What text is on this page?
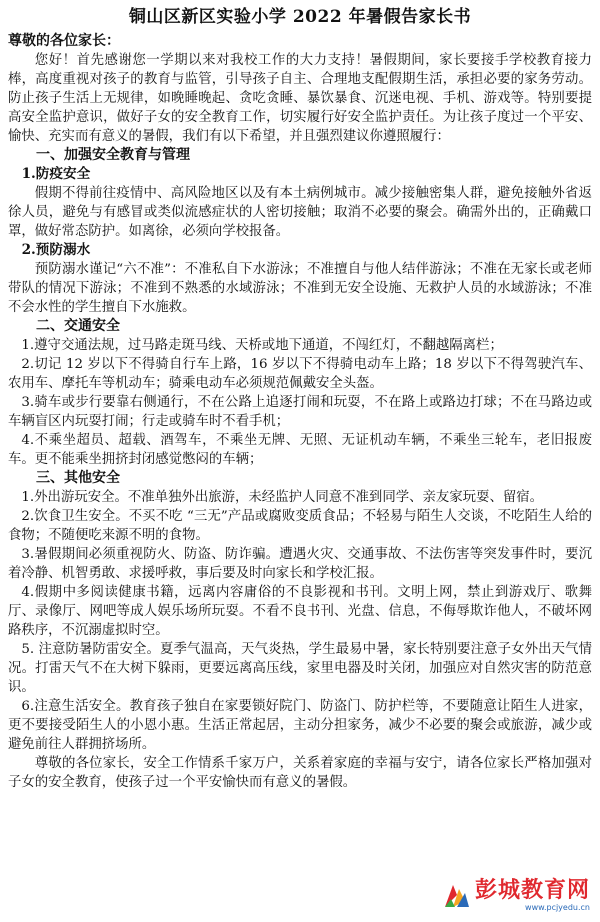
铜山区新区实验小学 2022 年暑假告家长书
尊敬的各位家长：

您好！首先感谢您一学期以来对我校工作的大力支持！暑假期间，家长要接手学校教育接力棒，高度重视对孩子的教育与监管，引导孩子自主、合理地支配假期生活，承担必要的家务劳动。防止孩子生活上无规律，如晚睡晚起、贪吃贪睡、暴饮暴食、沉迷电视、手机、游戏等。特别要提高安全监护意识，做好子女的安全教育工作，切实履行好安全监护责任。为让孩子度过一个平安、愉快、充实而有意义的暑假，我们有以下希望，并且强烈建议你遵照履行：

一、加强安全教育与管理
1.防疫安全

假期不得前往疫情中、高风险地区以及有本土病例城市。减少接触密集人群，避免接触外省返徐人员，避免与有感冒或类似流感症状的人密切接触；取消不必要的聚会。确需外出的，正确戴口罩，做好常态防护。如离徐，必须向学校报备。

2.预防溺水

预防溺水谨记“六不准”：不准私自下水游泳；不准擅自与他人结伴游泳；不准在无家长或老师带队的情况下游泳；不准到不熟悉的水域游泳；不准到无安全设施、无救护人员的水域游泳；不准不会水性的学生擅自下水施救。

二、交通安全

1.遵守交通法规，过马路走斑马线、天桥或地下通道，不闯红灯，不翻越隔离栏；

2.切记 12 岁以下不得骑自行车上路，16 岁以下不得骑电动车上路；18 岁以下不得驾驶汽车、农用车、摩托车等机动车；骑乘电动车必须规范佩戴安全头盔。

3.骑车或步行要靠右侧通行，不在公路上追逐打闹和玩耍，不在路上或路边打球；不在马路边或车辆盲区内玩耍打闹；行走或骑车时不看手机；

4.不乘坐超员、超载、酒驾车，不乘坐无牌、无照、无证机动车辆，不乘坐三轮车，老旧报废车。更不能乘坐拥挤封闭感觉憋闷的车辆；

三、其他安全

1.外出游玩安全。不准单独外出旅游，未经监护人同意不准到同学、亲友家玩耍、留宿。

2.饮食卫生安全。不买不吃 “三无”产品或腐败变质食品；不轻易与陌生人交谈，不吃陌生人给的食物；不随便吃来源不明的食物。

3.暑假期间必须重视防火、防盗、防诈骗。遭遇火灾、交通事故、不法伤害等突发事件时，要沉着冷静、机智勇敢、求援呼救，事后要及时向家长和学校汇报。

4.假期中多阅读健康书籍，远离内容庸俗的不良影视和书刊。文明上网，禁止到游戏厅、歌舞厅、录像厅、网吧等成人娱乐场所玩耍。不看不良书刊、光盘、信息，不侮辱欺诈他人，不破坏网路秩序，不沉溺虚拟时空。

5. 注意防暑防雷安全。夏季气温高，天气炎热，学生最易中暑，家长特别要注意子女外出天气情况。打雷天气不在大树下躲雨，更要远离高压线，家里电器及时关闭，加强应对自然灾害的防范意识。

6.注意生活安全。教育孩子独自在家要锁好院门、防盗门、防护栏等，不要随意让陌生人进家，更不要接受陌生人的小恩小惠。生活正常起居，主动分担家务，减少不必要的聚会或旅游，减少或避免前往人群拥挤场所。

尊敬的各位家长，安全工作情系千家万户，关系着家庭的幸福与安宁，请各位家长严格加强对子女的安全教育，使孩子过一个平安愉快而有意义的暑假。

彭城教育网
www.pcjyedu.cn
